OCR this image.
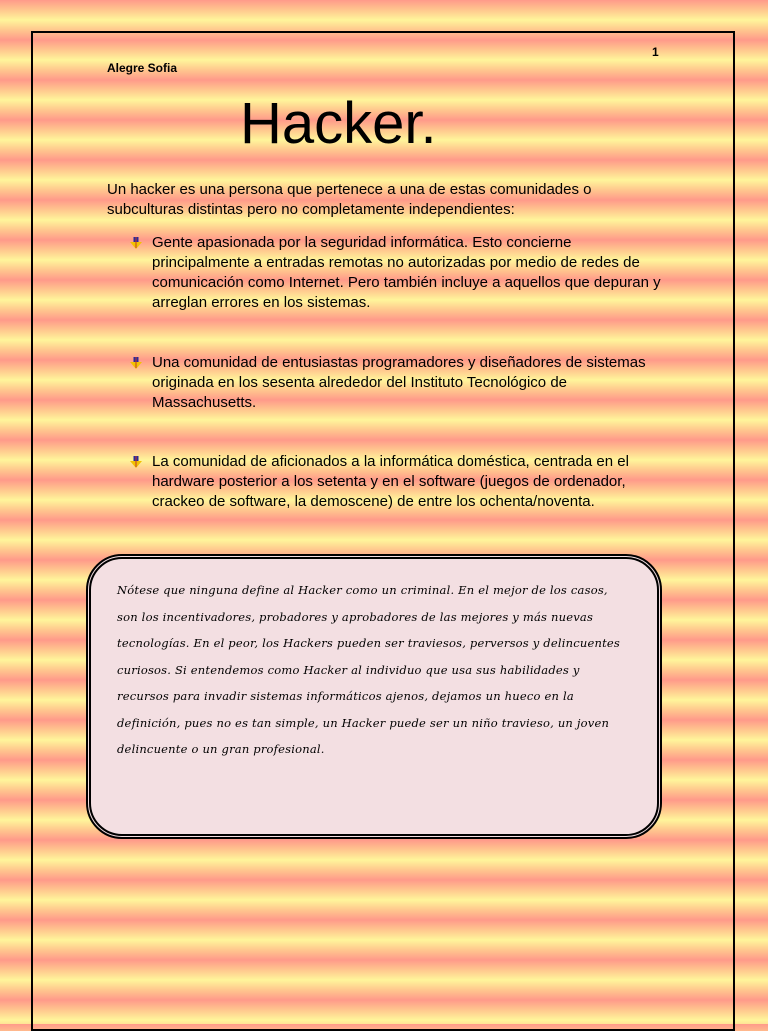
1
Alegre Sofia
Hacker.

Un hacker es una persona que pertenece a una de estas comunidades o subculturas distintas pero no completamente independientes:

Gente apasionada por la seguridad informática. Esto concierne principalmente a entradas remotas no autorizadas por medio de redes de comunicación como Internet. Pero también incluye a aquellos que depuran y arreglan errores en los sistemas.
Una comunidad de entusiastas programadores y diseñadores de sistemas originada en los sesenta alrededor del Instituto Tecnológico de Massachusetts.
La comunidad de aficionados a la informática doméstica, centrada en el hardware posterior a los setenta y en el software (juegos de ordenador, crackeo de software, la demoscene) de entre los ochenta/noventa.

Nótese que ninguna define al Hacker como un criminal. En el mejor de los casos, son los incentivadores, probadores y aprobadores de las mejores y más nuevas tecnologías. En el peor, los Hackers pueden ser traviesos, perversos y delincuentes curiosos. Si entendemos como Hacker al individuo que usa sus habilidades y recursos para invadir sistemas informáticos ajenos, dejamos un hueco en la definición, pues no es tan simple, un Hacker puede ser un niño travieso, un joven delincuente o un gran profesional.
